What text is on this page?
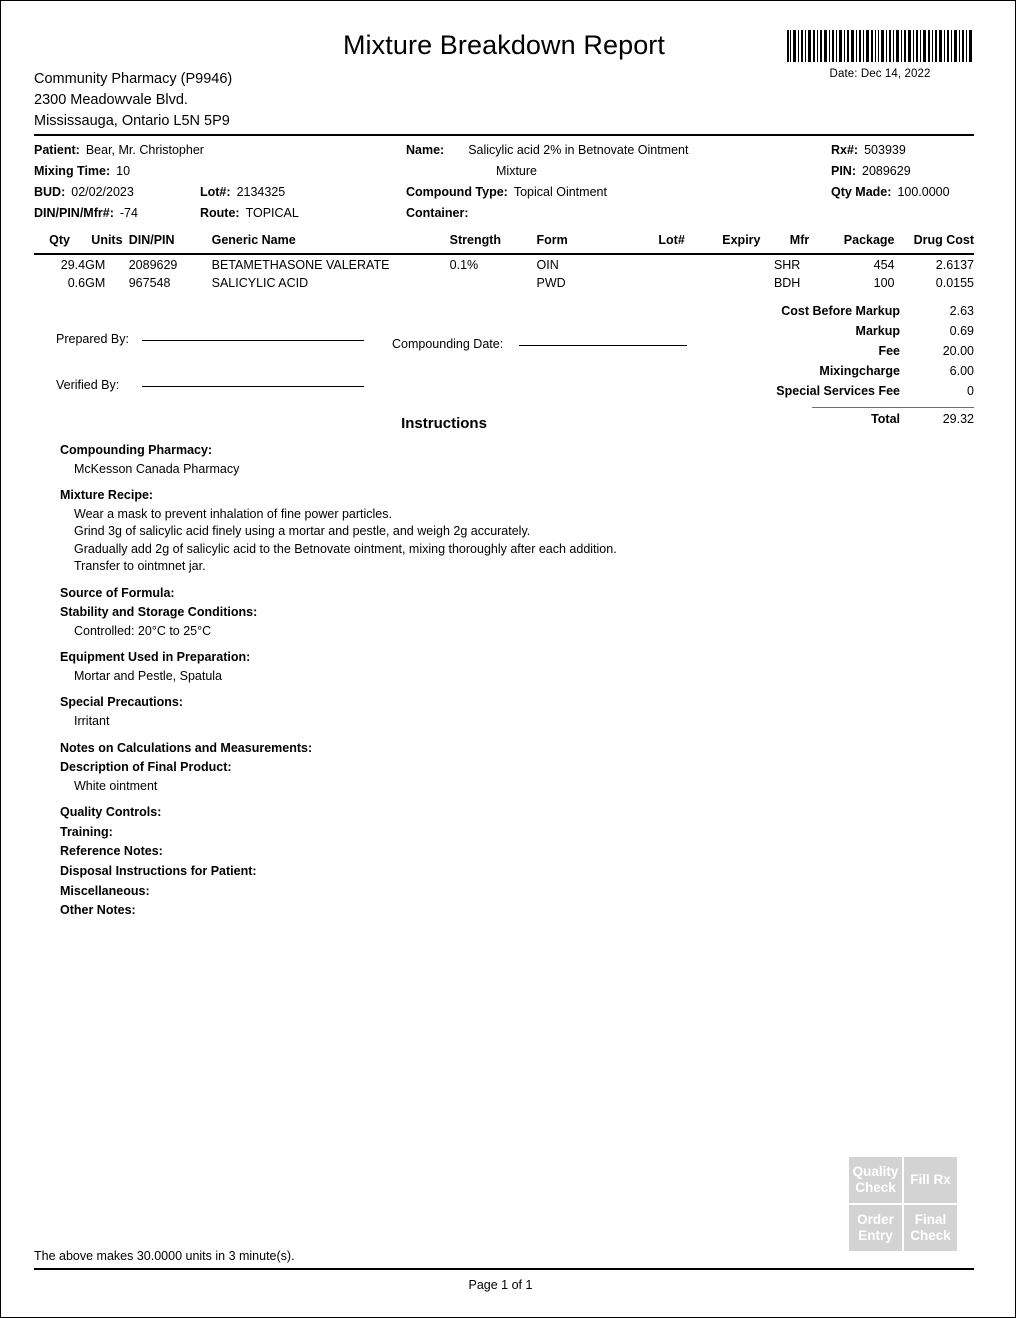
Mixture Breakdown Report
Date: Dec 14, 2022
Community Pharmacy (P9946)
2300 Meadowvale Blvd.
Mississauga, Ontario L5N 5P9
Patient: Bear, Mr. Christopher	Name: Salicylic acid 2% in Betnovate Ointment	Rx#: 503939
Mixing Time: 10	Mixture	PIN: 2089629
BUD: 02/02/2023	Lot#: 2134325	Compound Type: Topical Ointment	Qty Made: 100.0000
DIN/PIN/Mfr#: -74	Route: TOPICAL	Container:
Qty	Units	DIN/PIN	Generic Name	Strength	Form	Lot#	Expiry	Mfr	Package	Drug Cost
29.4	GM	2089629	BETAMETHASONE VALERATE	0.1%	OIN			SHR	454	2.6137
0.6	GM	967548	SALICYLIC ACID		PWD			BDH	100	0.0155
Cost Before Markup	2.63
Markup	0.69
Fee	20.00
Mixingcharge	6.00
Special Services Fee	0
Total	29.32
Prepared By:	Compounding Date:
Verified By:
Instructions
Compounding Pharmacy:
McKesson Canada Pharmacy
Mixture Recipe:
Wear a mask to prevent inhalation of fine power particles.
Grind 3g of salicylic acid finely using a mortar and pestle, and weigh 2g accurately.
Gradually add 2g of salicylic acid to the Betnovate ointment, mixing thoroughly after each addition.
Transfer to ointmnet jar.
Source of Formula:
Stability and Storage Conditions:
Controlled: 20°C to 25°C
Equipment Used in Preparation:
Mortar and Pestle, Spatula
Special Precautions:
Irritant
Notes on Calculations and Measurements:
Description of Final Product:
White ointment
Quality Controls:
Training:
Reference Notes:
Disposal Instructions for Patient:
Miscellaneous:
Other Notes:
Quality Check
Fill Rx
Order Entry
Final Check
The above makes 30.0000 units in 3 minute(s).
Page 1 of 1
